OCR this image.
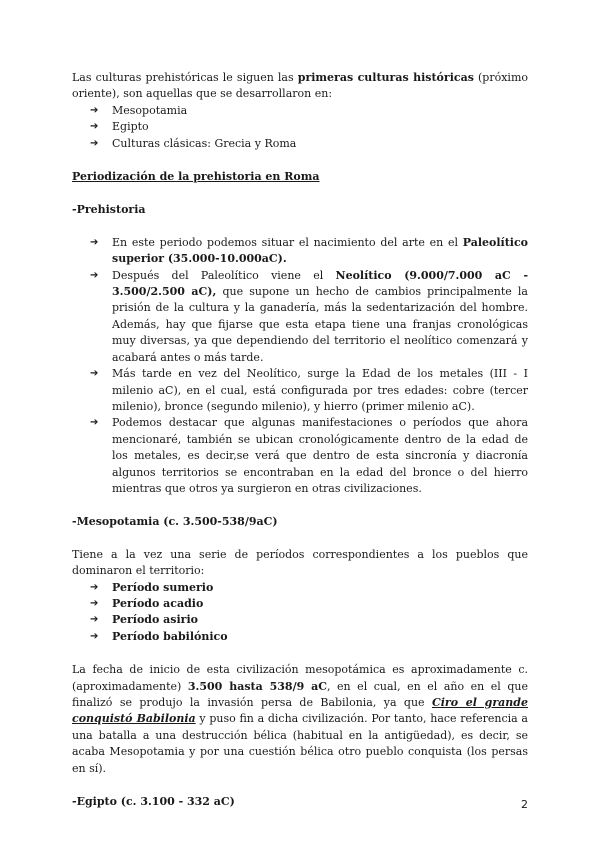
Las culturas prehistóricas le siguen las primeras culturas históricas (próximo oriente), son aquellas que se desarrollaron en:

➔ Mesopotamia
➔ Egipto
➔ Culturas clásicas: Grecia y Roma

Periodización de la prehistoria en Roma

-Prehistoria

➔ En este periodo podemos situar el nacimiento del arte en el Paleolítico superior (35.000-10.000aC).
➔ Después del Paleolítico viene el Neolítico (9.000/7.000 aC - 3.500/2.500 aC), que supone un hecho de cambios principalmente la prisión de la cultura y la ganadería, más la sedentarización del hombre. Además, hay que fijarse que esta etapa tiene una franjas cronológicas muy diversas, ya que dependiendo del territorio el neolítico comenzará y acabará antes o más tarde.
➔ Más tarde en vez del Neolítico, surge la Edad de los metales (III - I milenio aC), en el cual, está configurada por tres edades: cobre (tercer milenio), bronce (segundo milenio), y hierro (primer milenio aC).
➔ Podemos destacar que algunas manifestaciones o períodos que ahora mencionaré, también se ubican cronológicamente dentro de la edad de los metales, es decir,se verá que dentro de esta sincronía y diacronía algunos territorios se encontraban en la edad del bronce o del hierro mientras que otros ya surgieron en otras civilizaciones.

-Mesopotamia (c. 3.500-538/9aC)

Tiene a la vez una serie de períodos correspondientes a los pueblos que dominaron el territorio:

➔ Período sumerio
➔ Período acadio
➔ Período asirio
➔ Período babilónico

La fecha de inicio de esta civilización mesopotámica es aproximadamente c. (aproximadamente) 3.500 hasta 538/9 aC, en el cual, en el año en el que finalizó se produjo la invasión persa de Babilonia, ya que Ciro el grande conquistó Babilonia y puso fin a dicha civilización. Por tanto, hace referencia a una batalla a una destrucción bélica (habitual en la antigüedad), es decir, se acaba Mesopotamia y por una cuestión bélica otro pueblo conquista (los persas en sí).

-Egipto (c. 3.100 - 332 aC)	2
